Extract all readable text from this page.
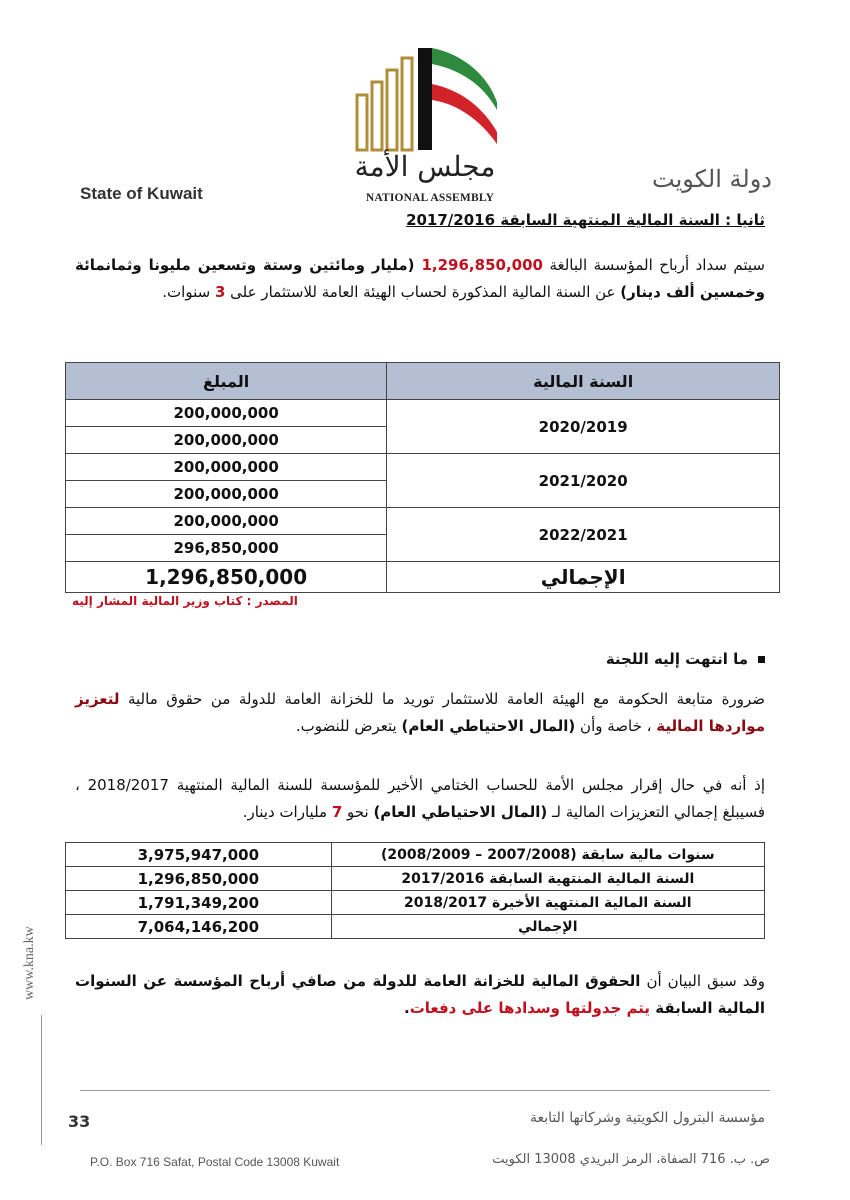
مجلس الأمة
NATIONAL ASSEMBLY
State of Kuwait
دولة الكويت
ثانيا : السنة المالية المنتهية السابقة 2017/2016
سيتم سداد أرباح المؤسسة البالغة 1,296,850,000 (مليار ومائتين وستة وتسعين مليونا وثمانمائة وخمسين ألف دينار) عن السنة المالية المذكورة لحساب الهيئة العامة للاستثمار على 3 سنوات.
المبلغ	السنة المالية
200,000,000	2020/2019
200,000,000	
200,000,000	2021/2020
200,000,000	
200,000,000	2022/2021
296,850,000	
1,296,850,000	الإجمالي
المصدر : كتاب وزير المالية المشار إليه
ما انتهت إليه اللجنة
ضرورة متابعة الحكومة مع الهيئة العامة للاستثمار توريد ما للخزانة العامة للدولة من حقوق مالية لتعزيز مواردها المالية ، خاصة وأن (المال الاحتياطي العام) يتعرض للنضوب.
إذ أنه في حال إقرار مجلس الأمة للحساب الختامي الأخير للمؤسسة للسنة المالية المنتهية 2018/2017 ، فسيبلغ إجمالي التعزيزات المالية لـ (المال الاحتياطي العام) نحو 7 مليارات دينار.
3,975,947,000	سنوات مالية سابقة (2007/2008 – 2008/2009)
1,296,850,000	السنة المالية المنتهية السابقة 2017/2016
1,791,349,200	السنة المالية المنتهية الأخيرة 2018/2017
7,064,146,200	الإجمالي
وقد سبق البيان أن الحقوق المالية للخزانة العامة للدولة من صافي أرباح المؤسسة عن السنوات المالية السابقة يتم جدولتها وسدادها على دفعات.
www.kna.kw
33	مؤسسة البترول الكويتية وشركاتها التابعة
P.O. Box 716 Safat, Postal Code 13008 Kuwait	ص. ب. 716 الصفاة، الرمز البريدي 13008 الكويت
